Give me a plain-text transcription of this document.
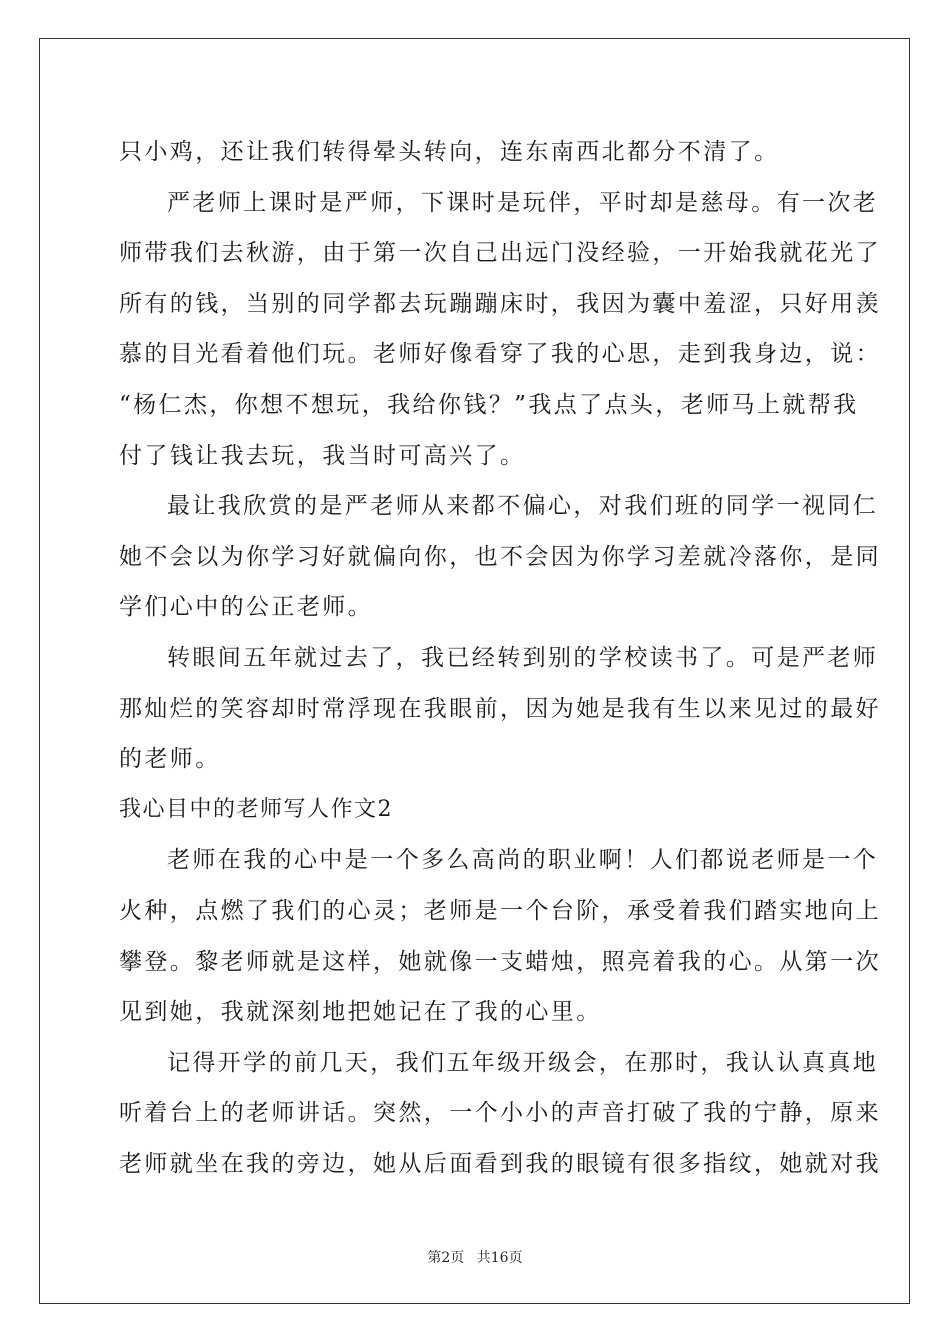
只小鸡，还让我们转得晕头转向，连东南西北都分不清了。
严老师上课时是严师，下课时是玩伴，平时却是慈母。有一次老
师带我们去秋游，由于第一次自己出远门没经验，一开始我就花光了
所有的钱，当别的同学都去玩蹦蹦床时，我因为囊中羞涩，只好用羡
慕的目光看着他们玩。老师好像看穿了我的心思，走到我身边，说：
“杨仁杰，你想不想玩，我给你钱？”我点了点头，老师马上就帮我
付了钱让我去玩，我当时可高兴了。
最让我欣赏的是严老师从来都不偏心，对我们班的同学一视同仁
她不会以为你学习好就偏向你，也不会因为你学习差就冷落你，是同
学们心中的公正老师。
转眼间五年就过去了，我已经转到别的学校读书了。可是严老师
那灿烂的笑容却时常浮现在我眼前，因为她是我有生以来见过的最好
的老师。
我心目中的老师写人作文2
老师在我的心中是一个多么高尚的职业啊！人们都说老师是一个
火种，点燃了我们的心灵；老师是一个台阶，承受着我们踏实地向上
攀登。黎老师就是这样，她就像一支蜡烛，照亮着我的心。从第一次
见到她，我就深刻地把她记在了我的心里。
记得开学的前几天，我们五年级开级会，在那时，我认认真真地
听着台上的老师讲话。突然，一个小小的声音打破了我的宁静，原来
老师就坐在我的旁边，她从后面看到我的眼镜有很多指纹，她就对我
第2页 共16页
